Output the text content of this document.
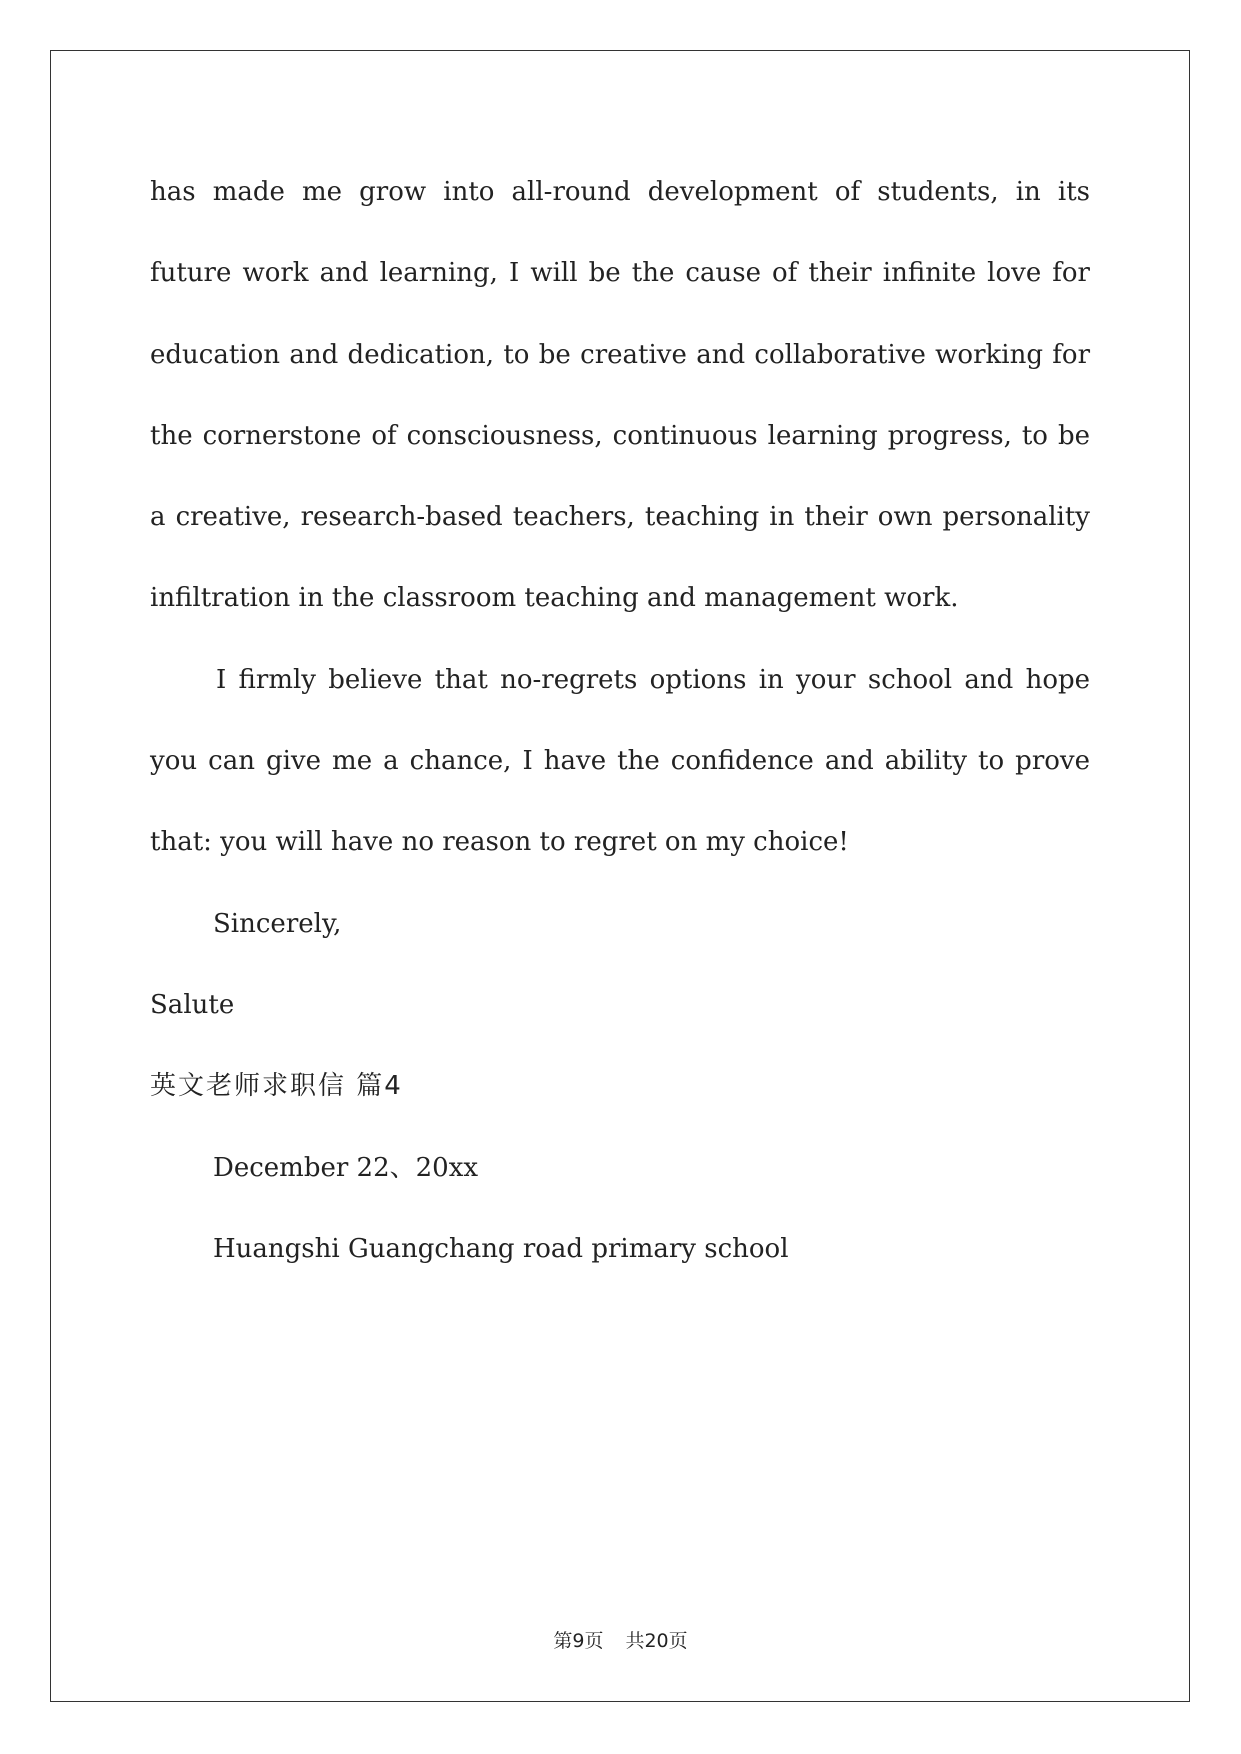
has made me grow into all-round development of students, in its future work and learning, I will be the cause of their infinite love for education and dedication, to be creative and collaborative working for the cornerstone of consciousness, continuous learning progress, to be a creative, research-based teachers, teaching in their own personality infiltration in the classroom teaching and management work.

I firmly believe that no-regrets options in your school and hope you can give me a chance, I have the confidence and ability to prove that: you will have no reason to regret on my choice!

Sincerely,

Salute

英文老师求职信 篇4

December 22、20xx

Huangshi Guangchang road primary school

第9页 共20页
